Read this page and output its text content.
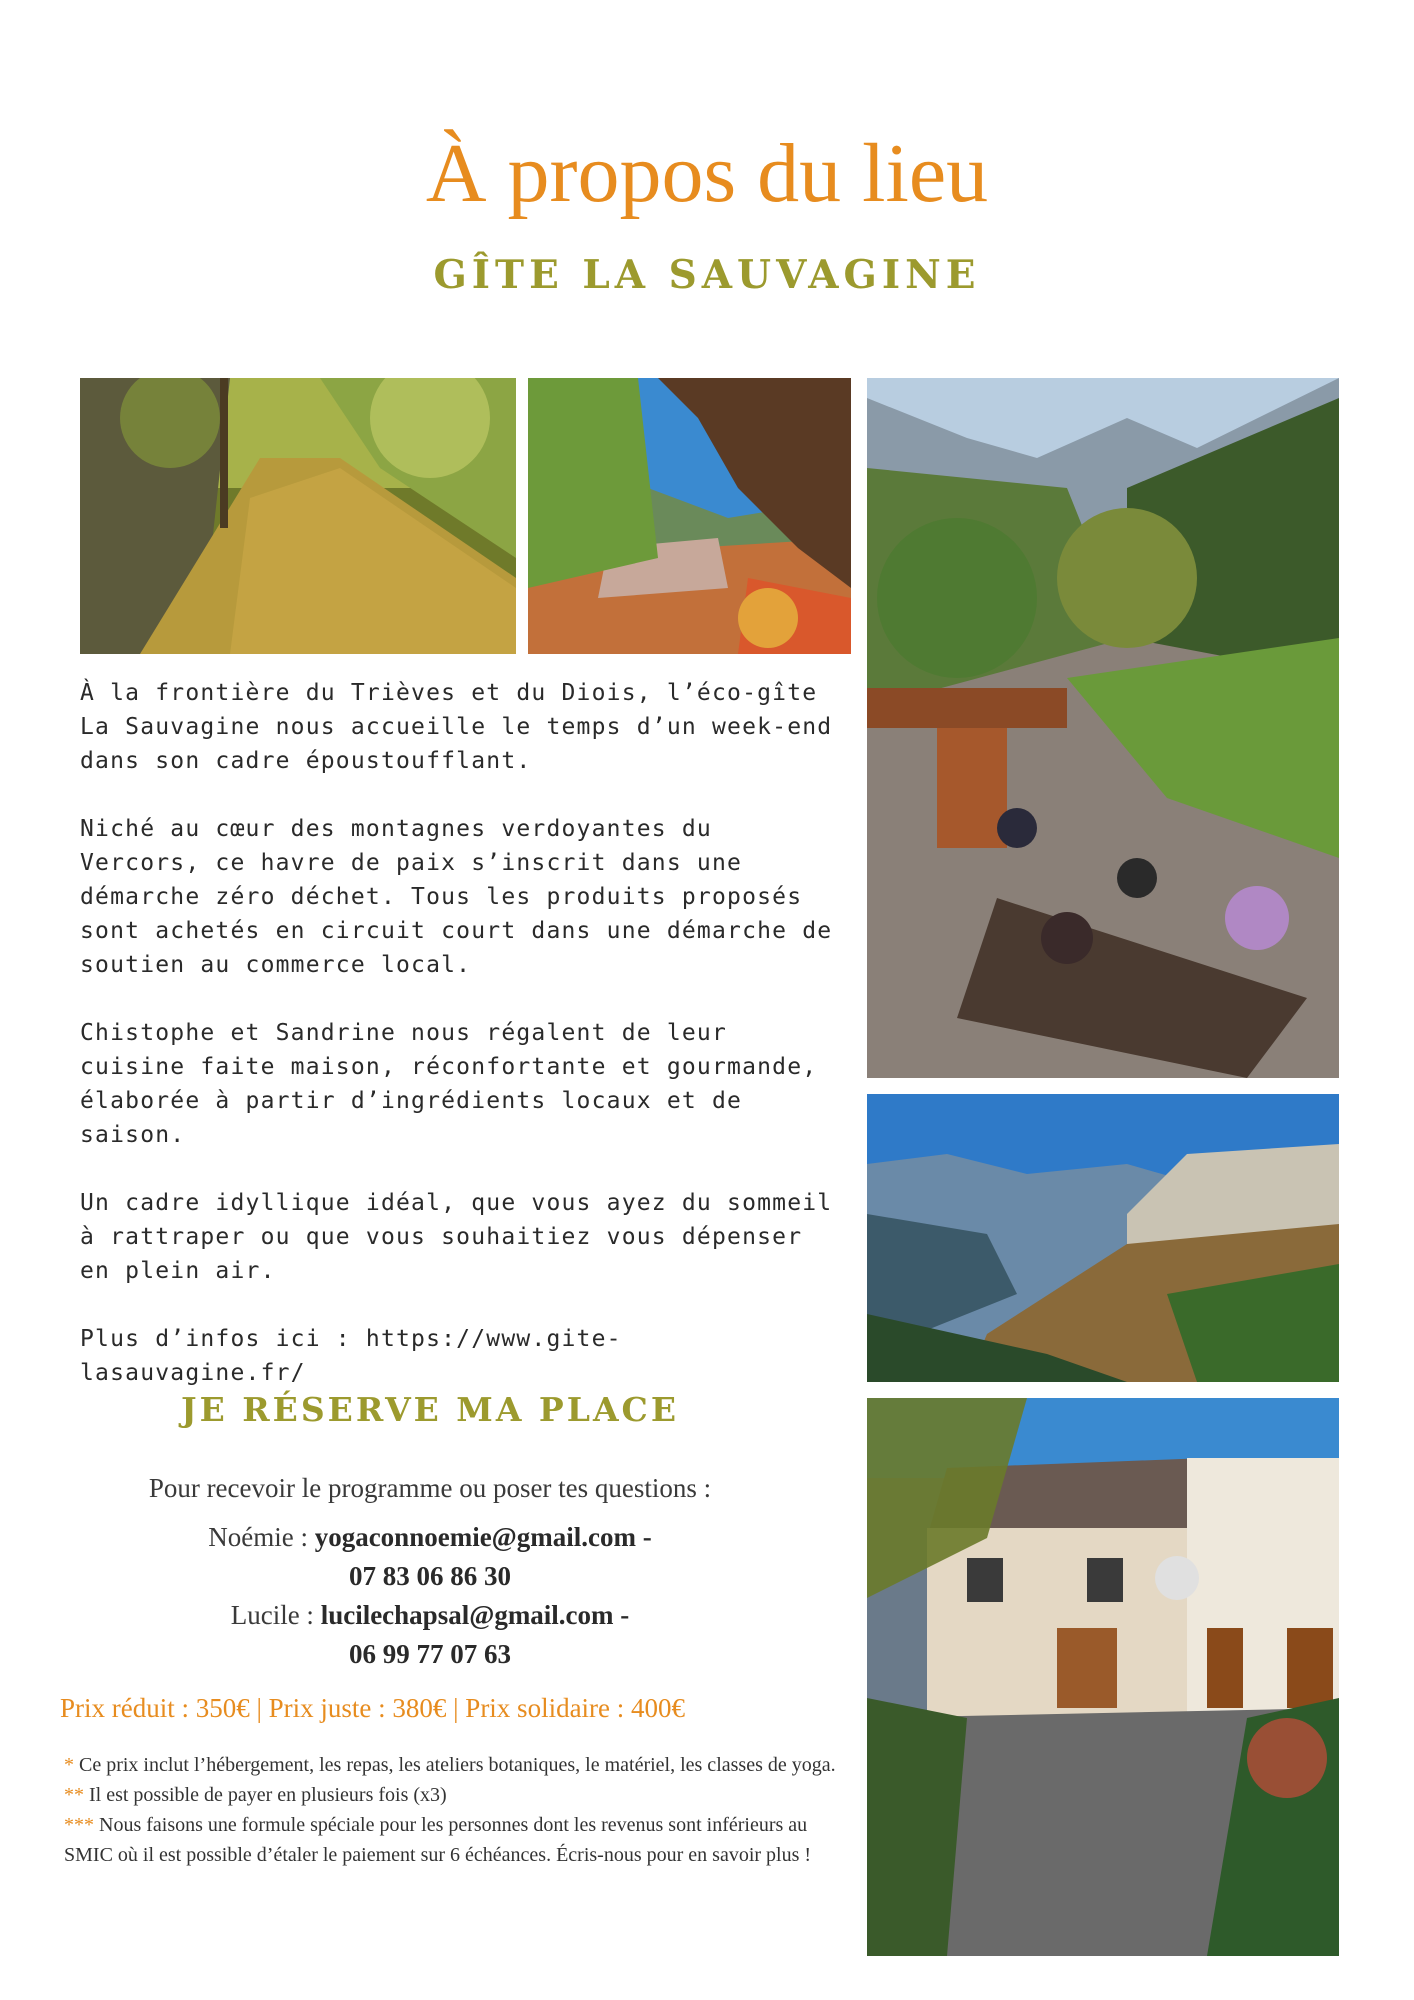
À propos du lieu
GÎTE LA SAUVAGINE

À la frontière du Trièves et du Diois, l’éco-gîte La Sauvagine nous accueille le temps d’un week-end dans son cadre époustoufflant.

Niché au cœur des montagnes verdoyantes du Vercors, ce havre de paix s’inscrit dans une démarche zéro déchet. Tous les produits proposés sont achetés en circuit court dans une démarche de soutien au commerce local.

Chistophe et Sandrine nous régalent de leur cuisine faite maison, réconfortante et gourmande, élaborée à partir d’ingrédients locaux et de saison.

Un cadre idyllique idéal, que vous ayez du sommeil à rattraper ou que vous souhaitiez vous dépenser en plein air.

Plus d’infos ici : https://www.gite-lasauvagine.fr/

JE RÉSERVE MA PLACE
Pour recevoir le programme ou poser tes questions :
Noémie : yogaconnoemie@gmail.com -
07 83 06 86 30
Lucile : lucilechapsal@gmail.com -
06 99 77 07 63
Prix réduit : 350€ | Prix juste : 380€ | Prix solidaire : 400€
* Ce prix inclut l’hébergement, les repas, les ateliers botaniques, le matériel, les classes de yoga.
** Il est possible de payer en plusieurs fois (x3)
*** Nous faisons une formule spéciale pour les personnes dont les revenus sont inférieurs au SMIC où il est possible d’étaler le paiement sur 6 échéances. Écris-nous pour en savoir plus !
